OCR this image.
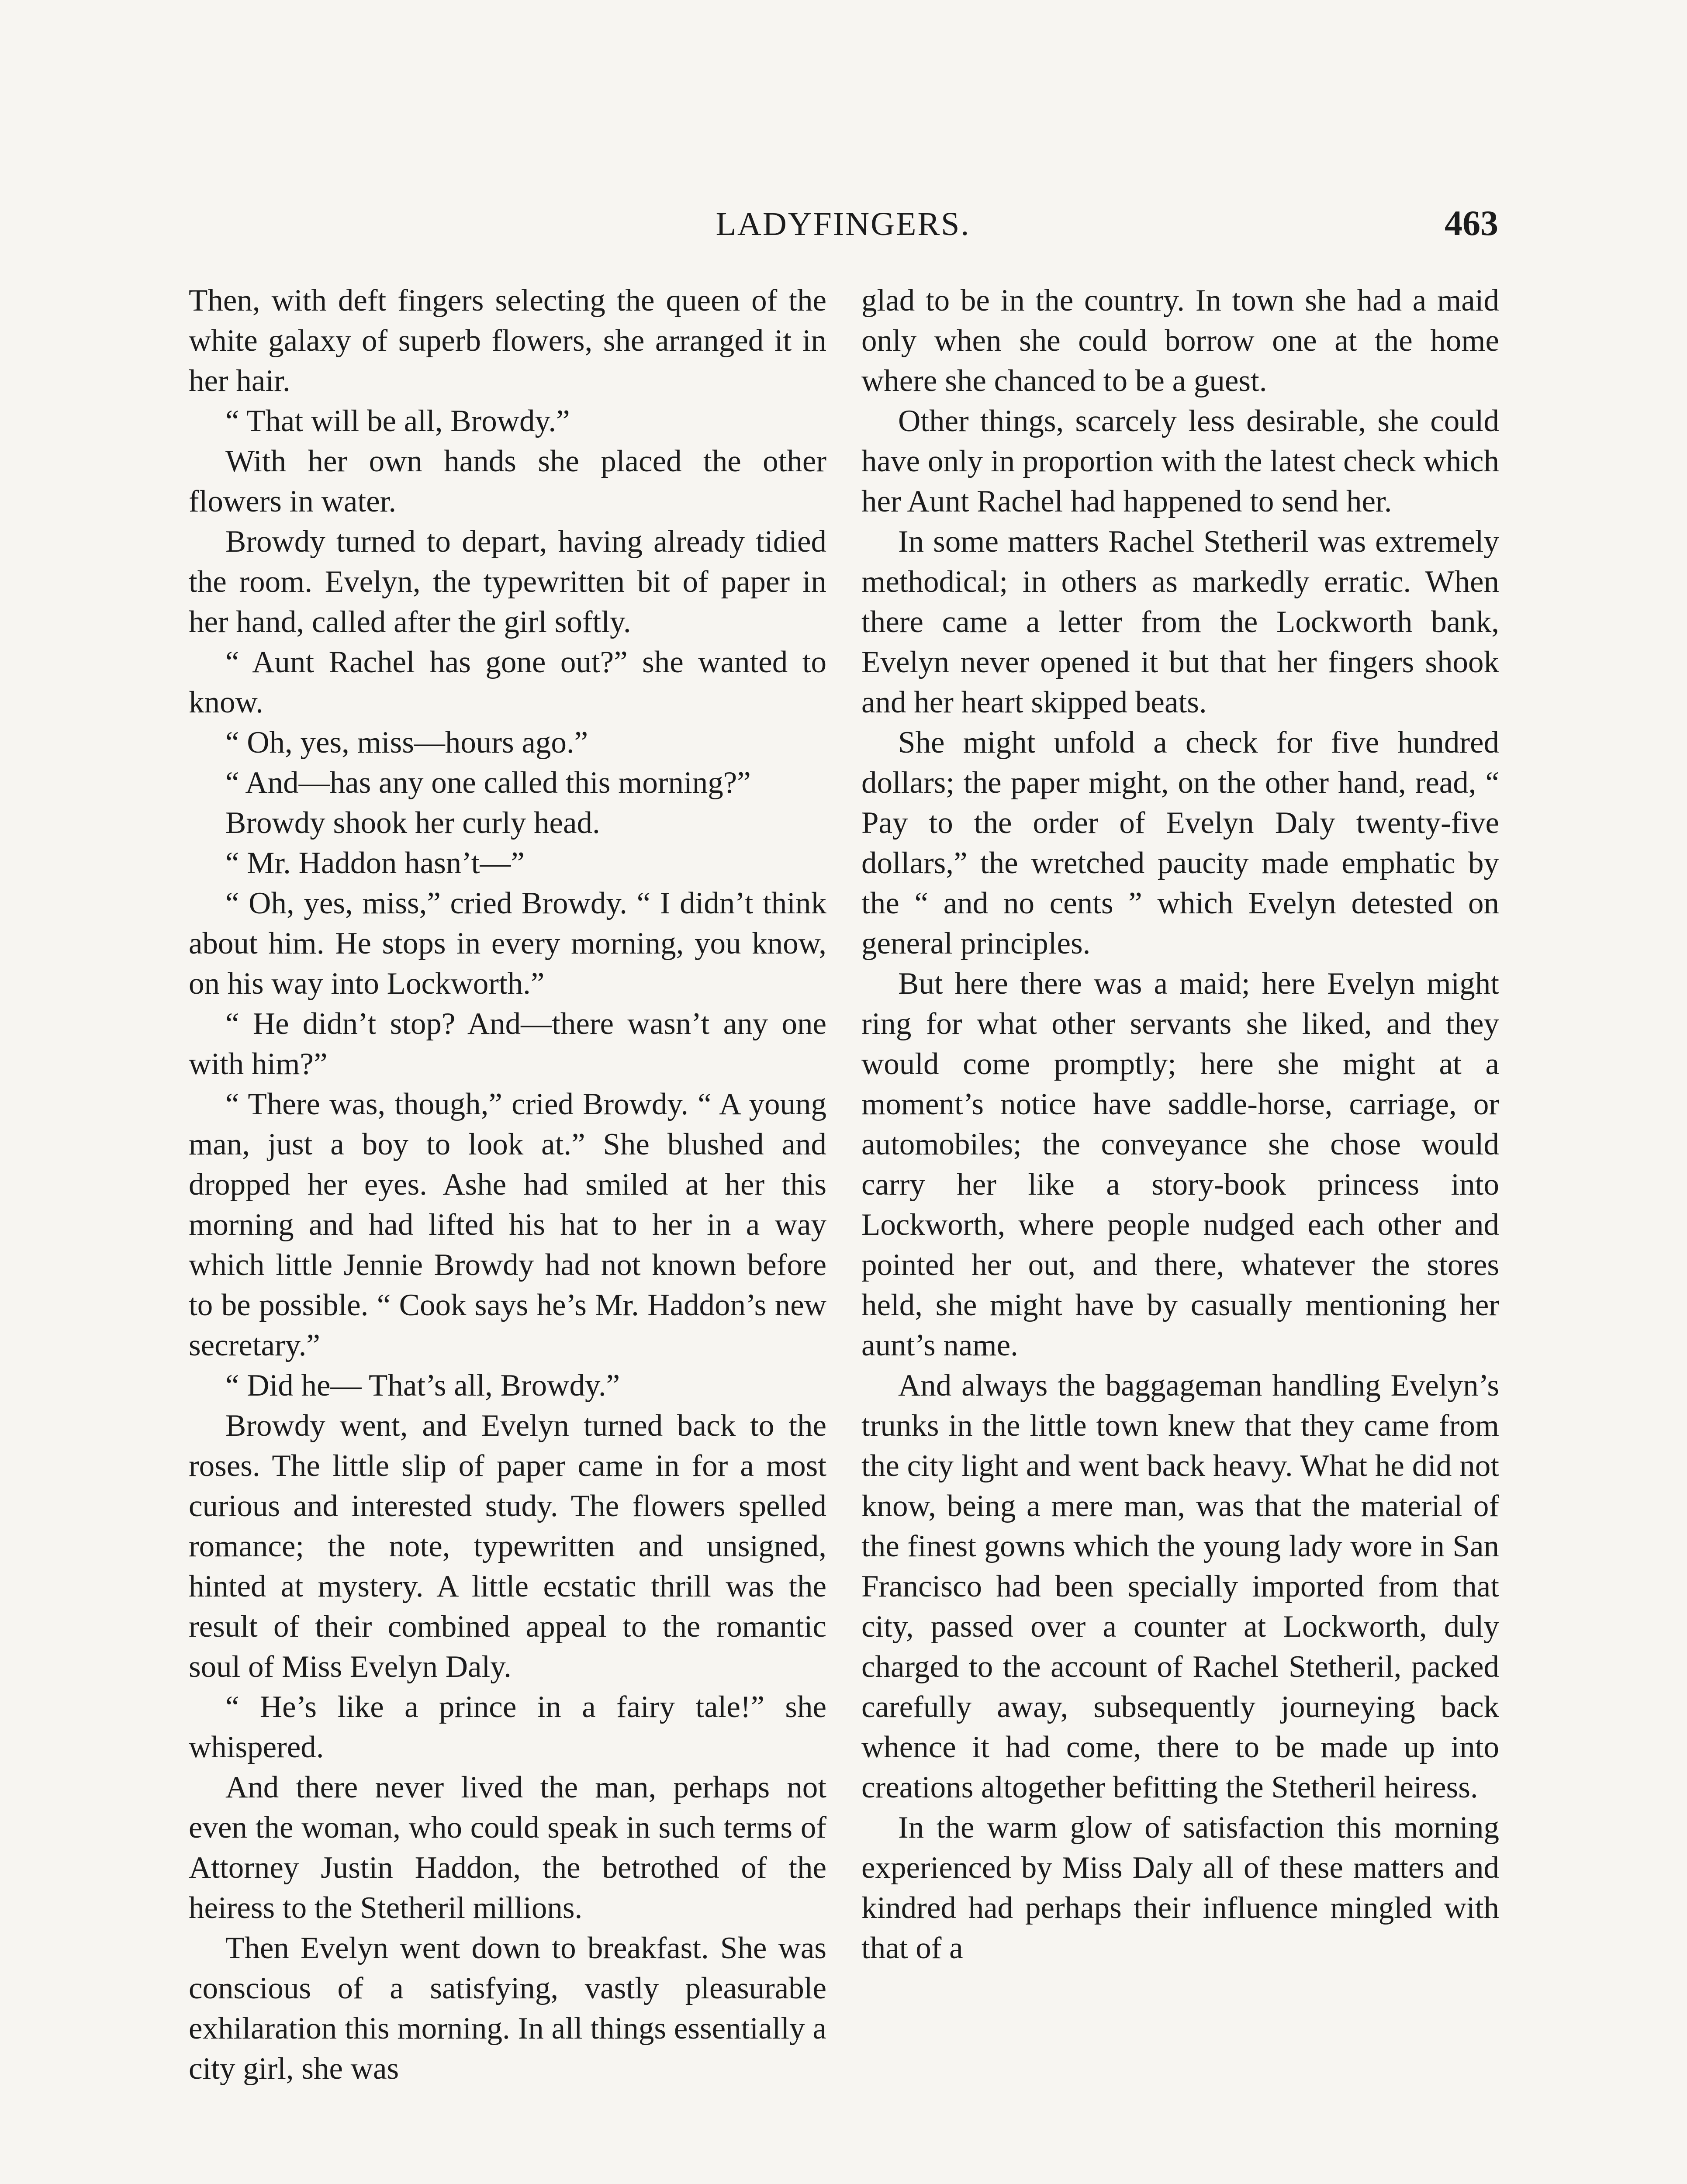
LADYFINGERS.	463

Then, with deft fingers selecting the queen of the white galaxy of superb flowers, she arranged it in her hair.

“ That will be all, Browdy.”

With her own hands she placed the other flowers in water.

Browdy turned to depart, having already tidied the room. Evelyn, the typewritten bit of paper in her hand, called after the girl softly.

“ Aunt Rachel has gone out?” she wanted to know.

“ Oh, yes, miss—hours ago.”

“ And—has any one called this morning?”

Browdy shook her curly head.

“ Mr. Haddon hasn’t—”

“ Oh, yes, miss,” cried Browdy. “ I didn’t think about him. He stops in every morning, you know, on his way into Lockworth.”

“ He didn’t stop? And—there wasn’t any one with him?”

“ There was, though,” cried Browdy. “ A young man, just a boy to look at.” She blushed and dropped her eyes. Ashe had smiled at her this morning and had lifted his hat to her in a way which little Jennie Browdy had not known before to be possible. “ Cook says he’s Mr. Haddon’s new secretary.”

“ Did he— That’s all, Browdy.”

Browdy went, and Evelyn turned back to the roses. The little slip of paper came in for a most curious and interested study. The flowers spelled romance; the note, typewritten and unsigned, hinted at mystery. A little ecstatic thrill was the result of their combined appeal to the romantic soul of Miss Evelyn Daly.

“ He’s like a prince in a fairy tale!” she whispered.

And there never lived the man, perhaps not even the woman, who could speak in such terms of Attorney Justin Haddon, the betrothed of the heiress to the Stetheril millions.

Then Evelyn went down to breakfast. She was conscious of a satisfying, vastly pleasurable exhilaration this morning. In all things essentially a city girl, she was

glad to be in the country. In town she had a maid only when she could borrow one at the home where she chanced to be a guest.

Other things, scarcely less desirable, she could have only in proportion with the latest check which her Aunt Rachel had happened to send her.

In some matters Rachel Stetheril was extremely methodical; in others as markedly erratic. When there came a letter from the Lockworth bank, Evelyn never opened it but that her fingers shook and her heart skipped beats.

She might unfold a check for five hundred dollars; the paper might, on the other hand, read, “ Pay to the order of Evelyn Daly twenty-five dollars,” the wretched paucity made emphatic by the “ and no cents ” which Evelyn detested on general principles.

But here there was a maid; here Evelyn might ring for what other servants she liked, and they would come promptly; here she might at a moment’s notice have saddle-horse, carriage, or automobiles; the conveyance she chose would carry her like a story-book princess into Lockworth, where people nudged each other and pointed her out, and there, whatever the stores held, she might have by casually mentioning her aunt’s name.

And always the baggageman handling Evelyn’s trunks in the little town knew that they came from the city light and went back heavy. What he did not know, being a mere man, was that the material of the finest gowns which the young lady wore in San Francisco had been specially imported from that city, passed over a counter at Lockworth, duly charged to the account of Rachel Stetheril, packed carefully away, subsequently journeying back whence it had come, there to be made up into creations altogether befitting the Stetheril heiress.

In the warm glow of satisfaction this morning experienced by Miss Daly all of these matters and kindred had perhaps their influence mingled with that of a
